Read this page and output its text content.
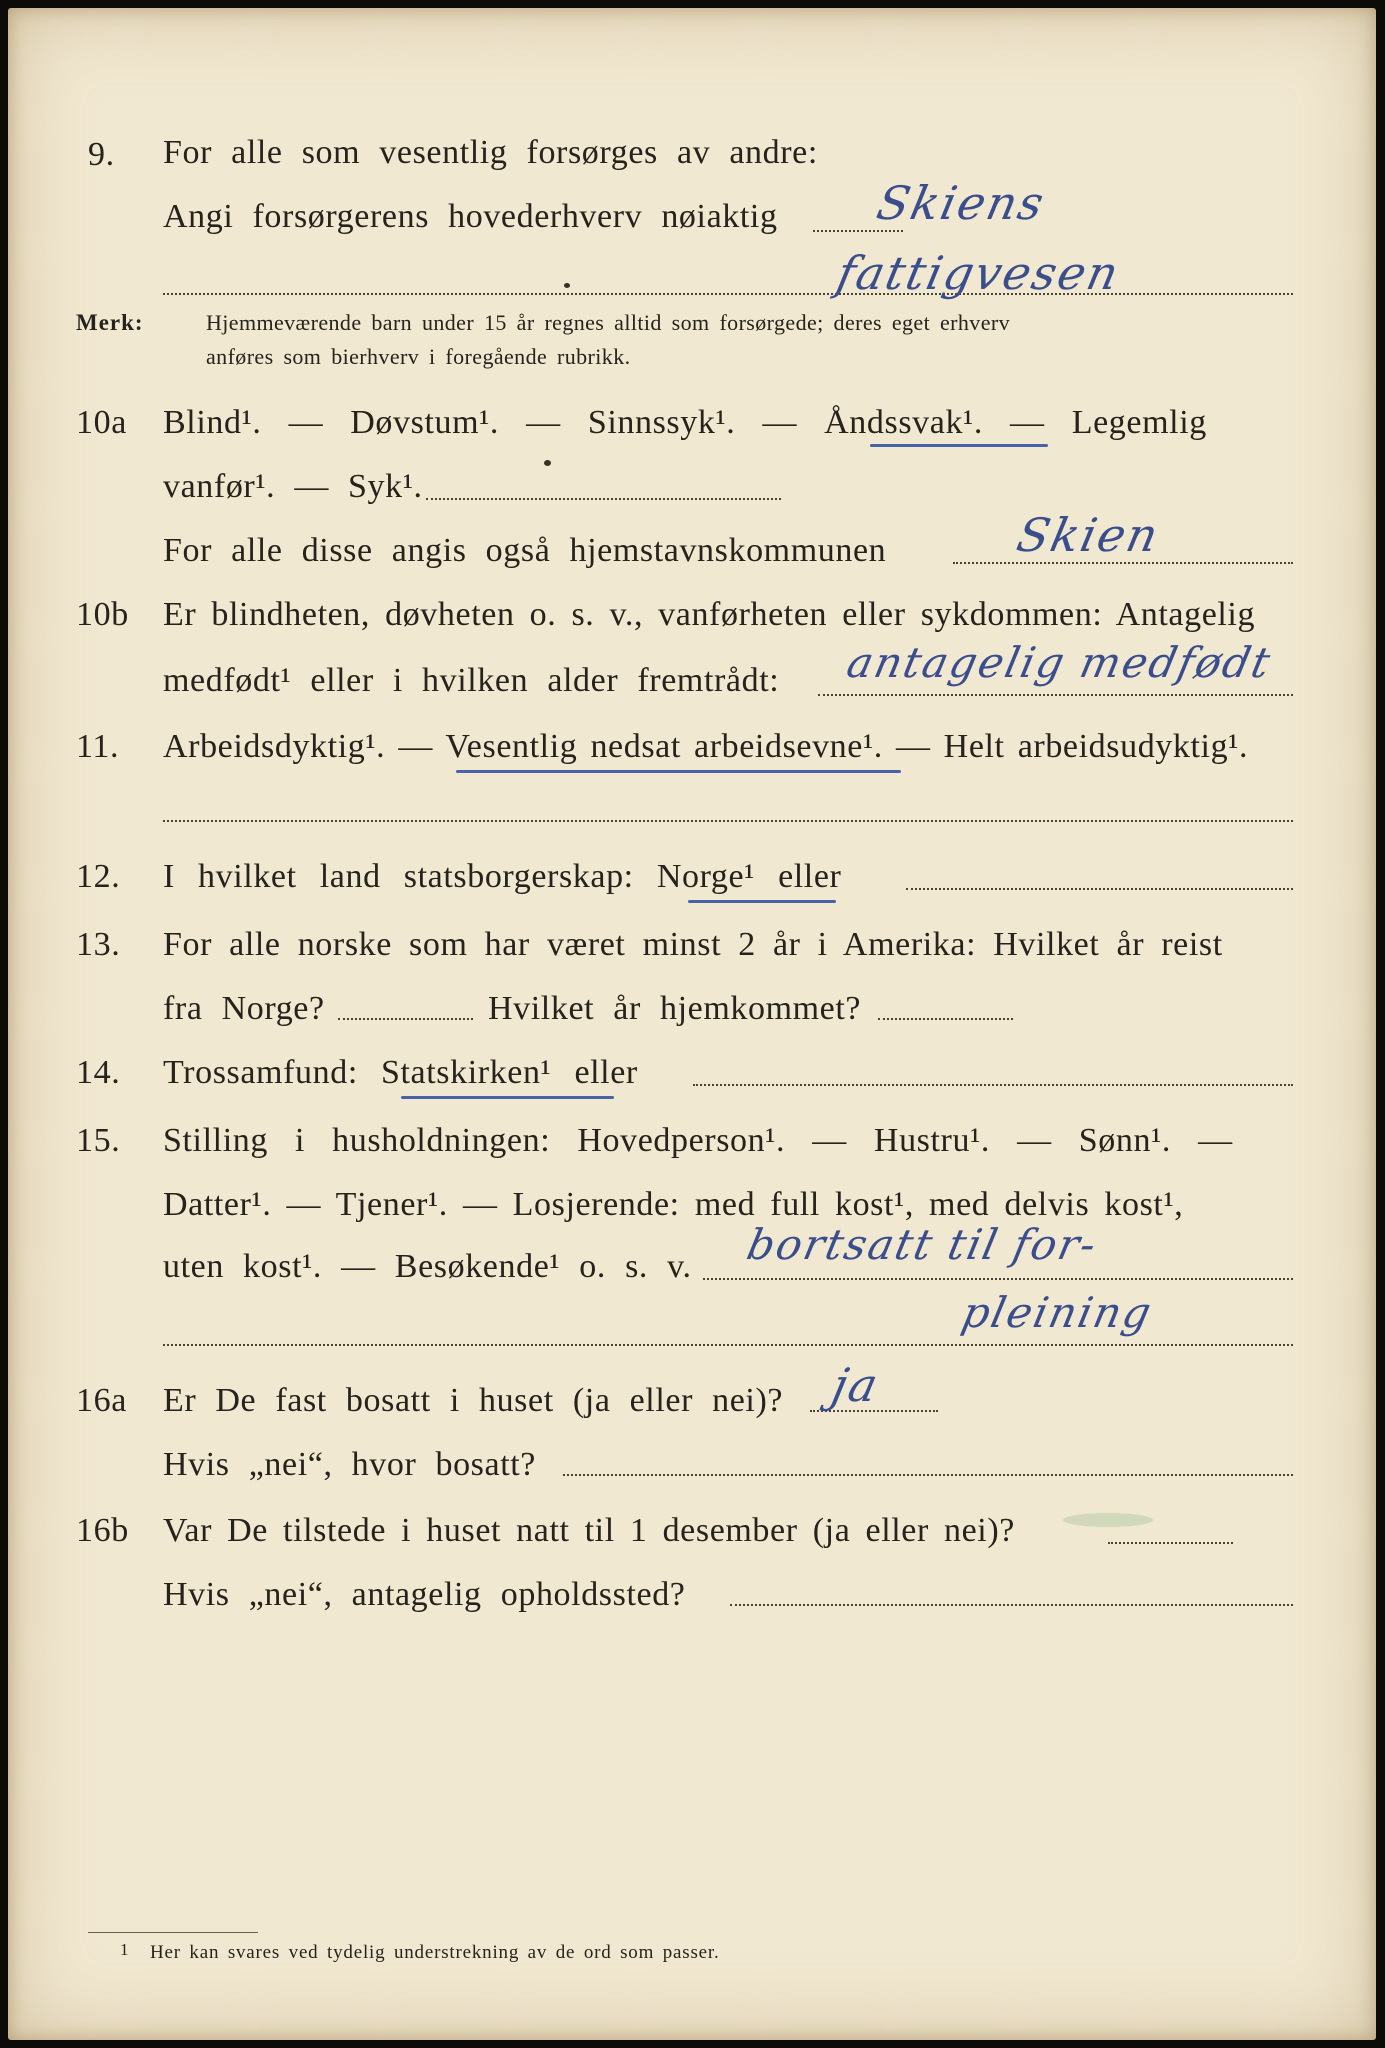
9. For alle som vesentlig forsørges av andre:
Angi forsørgerens hovederhverv nøiaktig Skiens
fattigvesen
Merk:	Hjemmeværende barn under 15 år regnes alltid som forsørgede; deres eget erhverv
anføres som bierhverv i foregående rubrikk.
10a Blind¹. — Døvstum¹. — Sinnssyk¹. — Åndssvak¹. — Legemlig
vanfør¹. — Syk¹.
For alle disse angis også hjemstavnskommunen	Skien
10b Er blindheten, døvheten o. s. v., vanførheten eller sykdommen: Antagelig
medfødt¹ eller i hvilken alder fremtrådt: antagelig medfødt
11. Arbeidsdyktig¹. — Vesentlig nedsat arbeidsevne¹. — Helt arbeidsudyktig¹.
12. I hvilket land statsborgerskap: Norge¹ eller
13. For alle norske som har været minst 2 år i Amerika: Hvilket år reist
fra Norge?	Hvilket år hjemkommet?
14. Trossamfund: Statskirken¹ eller
15. Stilling i husholdningen: Hovedperson¹. — Hustru¹. — Sønn¹. —
Datter¹. — Tjener¹. — Losjerende: med full kost¹, med delvis kost¹,
uten kost¹. — Besøkende¹ o. s. v. bortsatt til for-
pleining
16a Er De fast bosatt i huset (ja eller nei)? ja
Hvis „nei“, hvor bosatt?
16b Var De tilstede i huset natt til 1 desember (ja eller nei)?
Hvis „nei“, antagelig opholdssted?
1 Her kan svares ved tydelig understrekning av de ord som passer.
